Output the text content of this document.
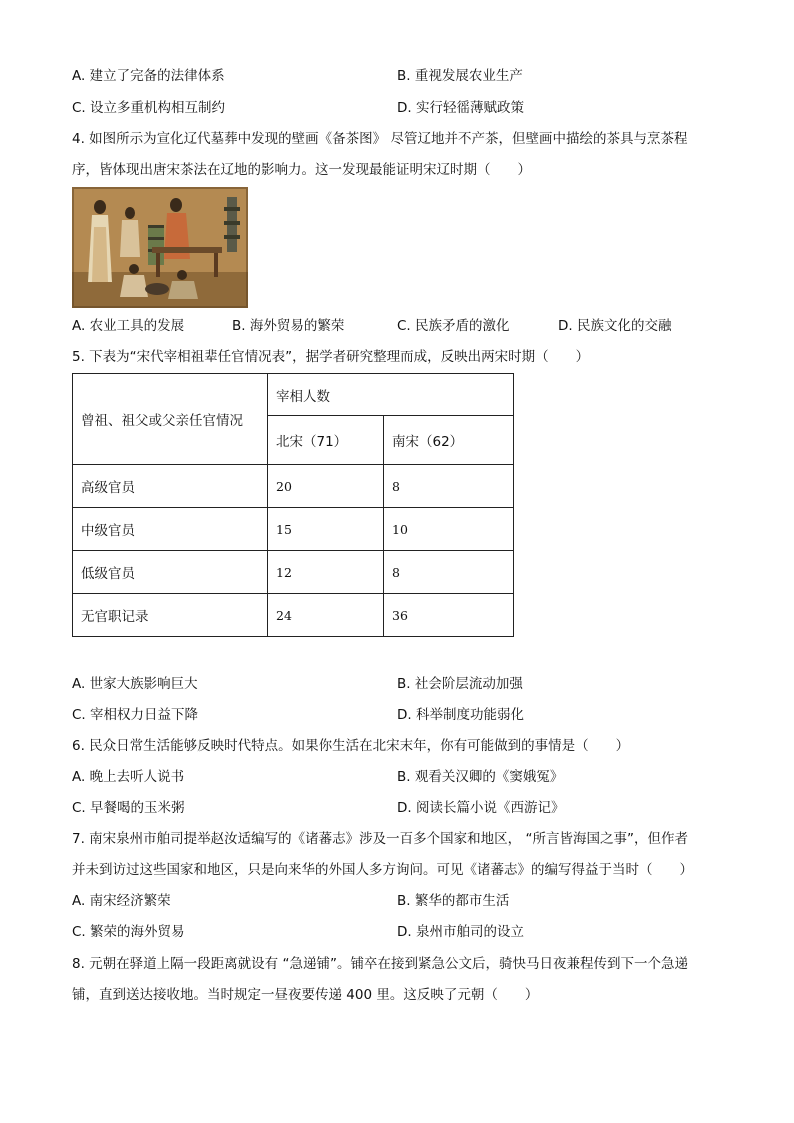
A. 建立了完备的法律体系	B. 重视发展农业生产
C. 设立多重机构相互制约	D. 实行轻徭薄赋政策
4. 如图所示为宣化辽代墓葬中发现的壁画《备茶图》 尽管辽地并不产茶，但壁画中描绘的茶具与烹茶程
序，皆体现出唐宋茶法在辽地的影响力。这一发现最能证明宋辽时期（　　）
A. 农业工具的发展	B. 海外贸易的繁荣	C. 民族矛盾的激化	D. 民族文化的交融
5. 下表为“宋代宰相祖辈任官情况表”，据学者研究整理而成，反映出两宋时期（　　）
曾祖、祖父或父亲任官情况	宰相人数	
	北宋（71）	南宋（62）
高级官员	20	8
中级官员	15	10
低级官员	12	8
无官职记录	24	36
A. 世家大族影响巨大	B. 社会阶层流动加强
C. 宰相权力日益下降	D. 科举制度功能弱化
6. 民众日常生活能够反映时代特点。如果你生活在北宋末年，你有可能做到的事情是（　　）
A. 晚上去听人说书	B. 观看关汉卿的《窦娥冤》
C. 早餐喝的玉米粥	D. 阅读长篇小说《西游记》
7. 南宋泉州市舶司提举赵汝适编写的《诸蕃志》涉及一百多个国家和地区， “所言皆海国之事”，但作者
并未到访过这些国家和地区，只是向来华的外国人多方询问。可见《诸蕃志》的编写得益于当时（　　）
A. 南宋经济繁荣	B. 繁华的都市生活
C. 繁荣的海外贸易	D. 泉州市舶司的设立
8. 元朝在驿道上隔一段距离就设有 “急递铺”。铺卒在接到紧急公文后，骑快马日夜兼程传到下一个急递
铺，直到送达接收地。当时规定一昼夜要传递 400 里。这反映了元朝（　　）
